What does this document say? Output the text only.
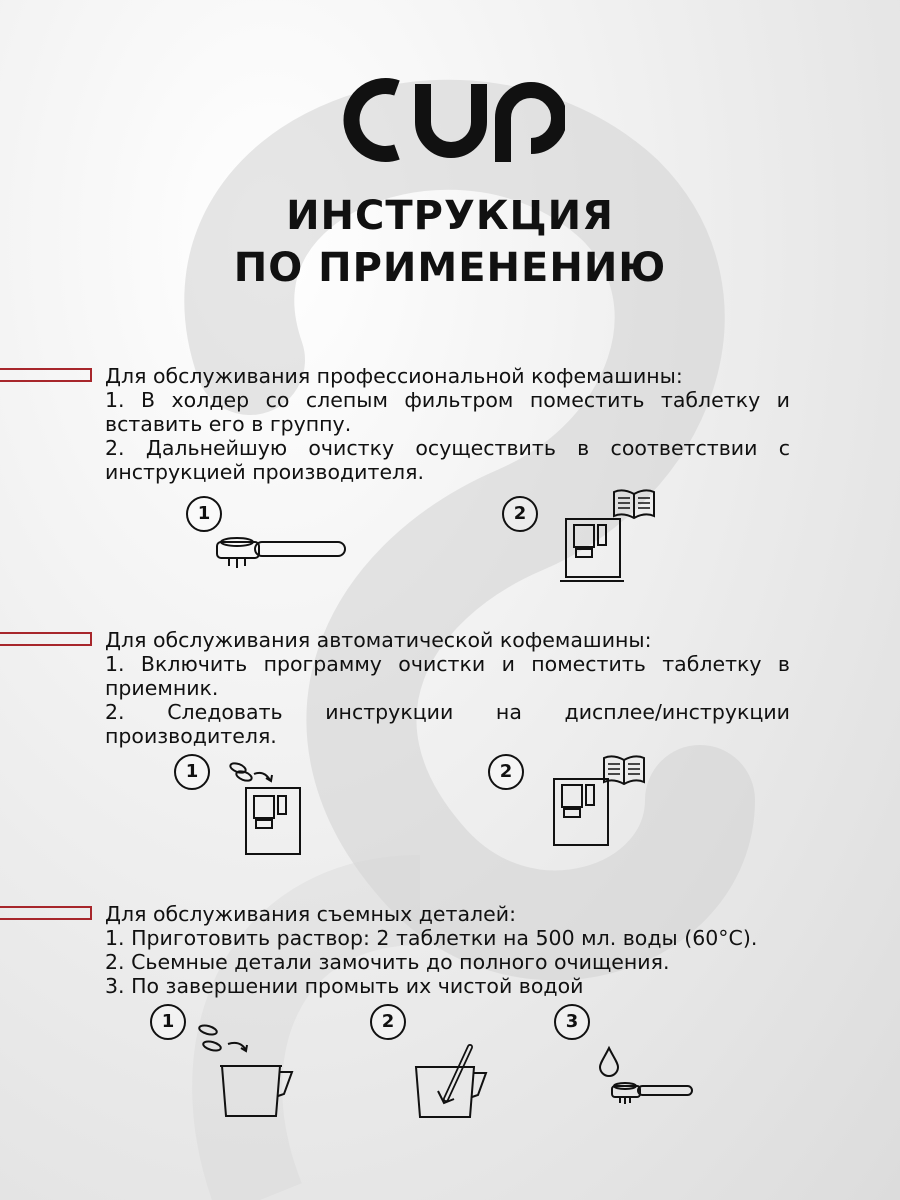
ИНСТРУКЦИЯ
ПО ПРИМЕНЕНИЮ

Для обслуживания профессиональной кофемашины:

1. В холдер со слепым фильтром поместить таблетку и вставить его в группу.

2. Дальнейшую очистку осуществить в соответствии с инструкцией производителя.

1	2

Для обслуживания автоматической кофемашины:

1. Включить программу очистки и поместить таблетку в приемник.

2. Следовать инструкции на дисплее/инструкции производителя.

1	2

Для обслуживания съемных деталей:

1. Приготовить раствор: 2 таблетки на 500 мл. воды (60°C).

2. Сьемные детали замочить до полного очищения.

3. По завершении промыть их чистой водой

1	2	3
